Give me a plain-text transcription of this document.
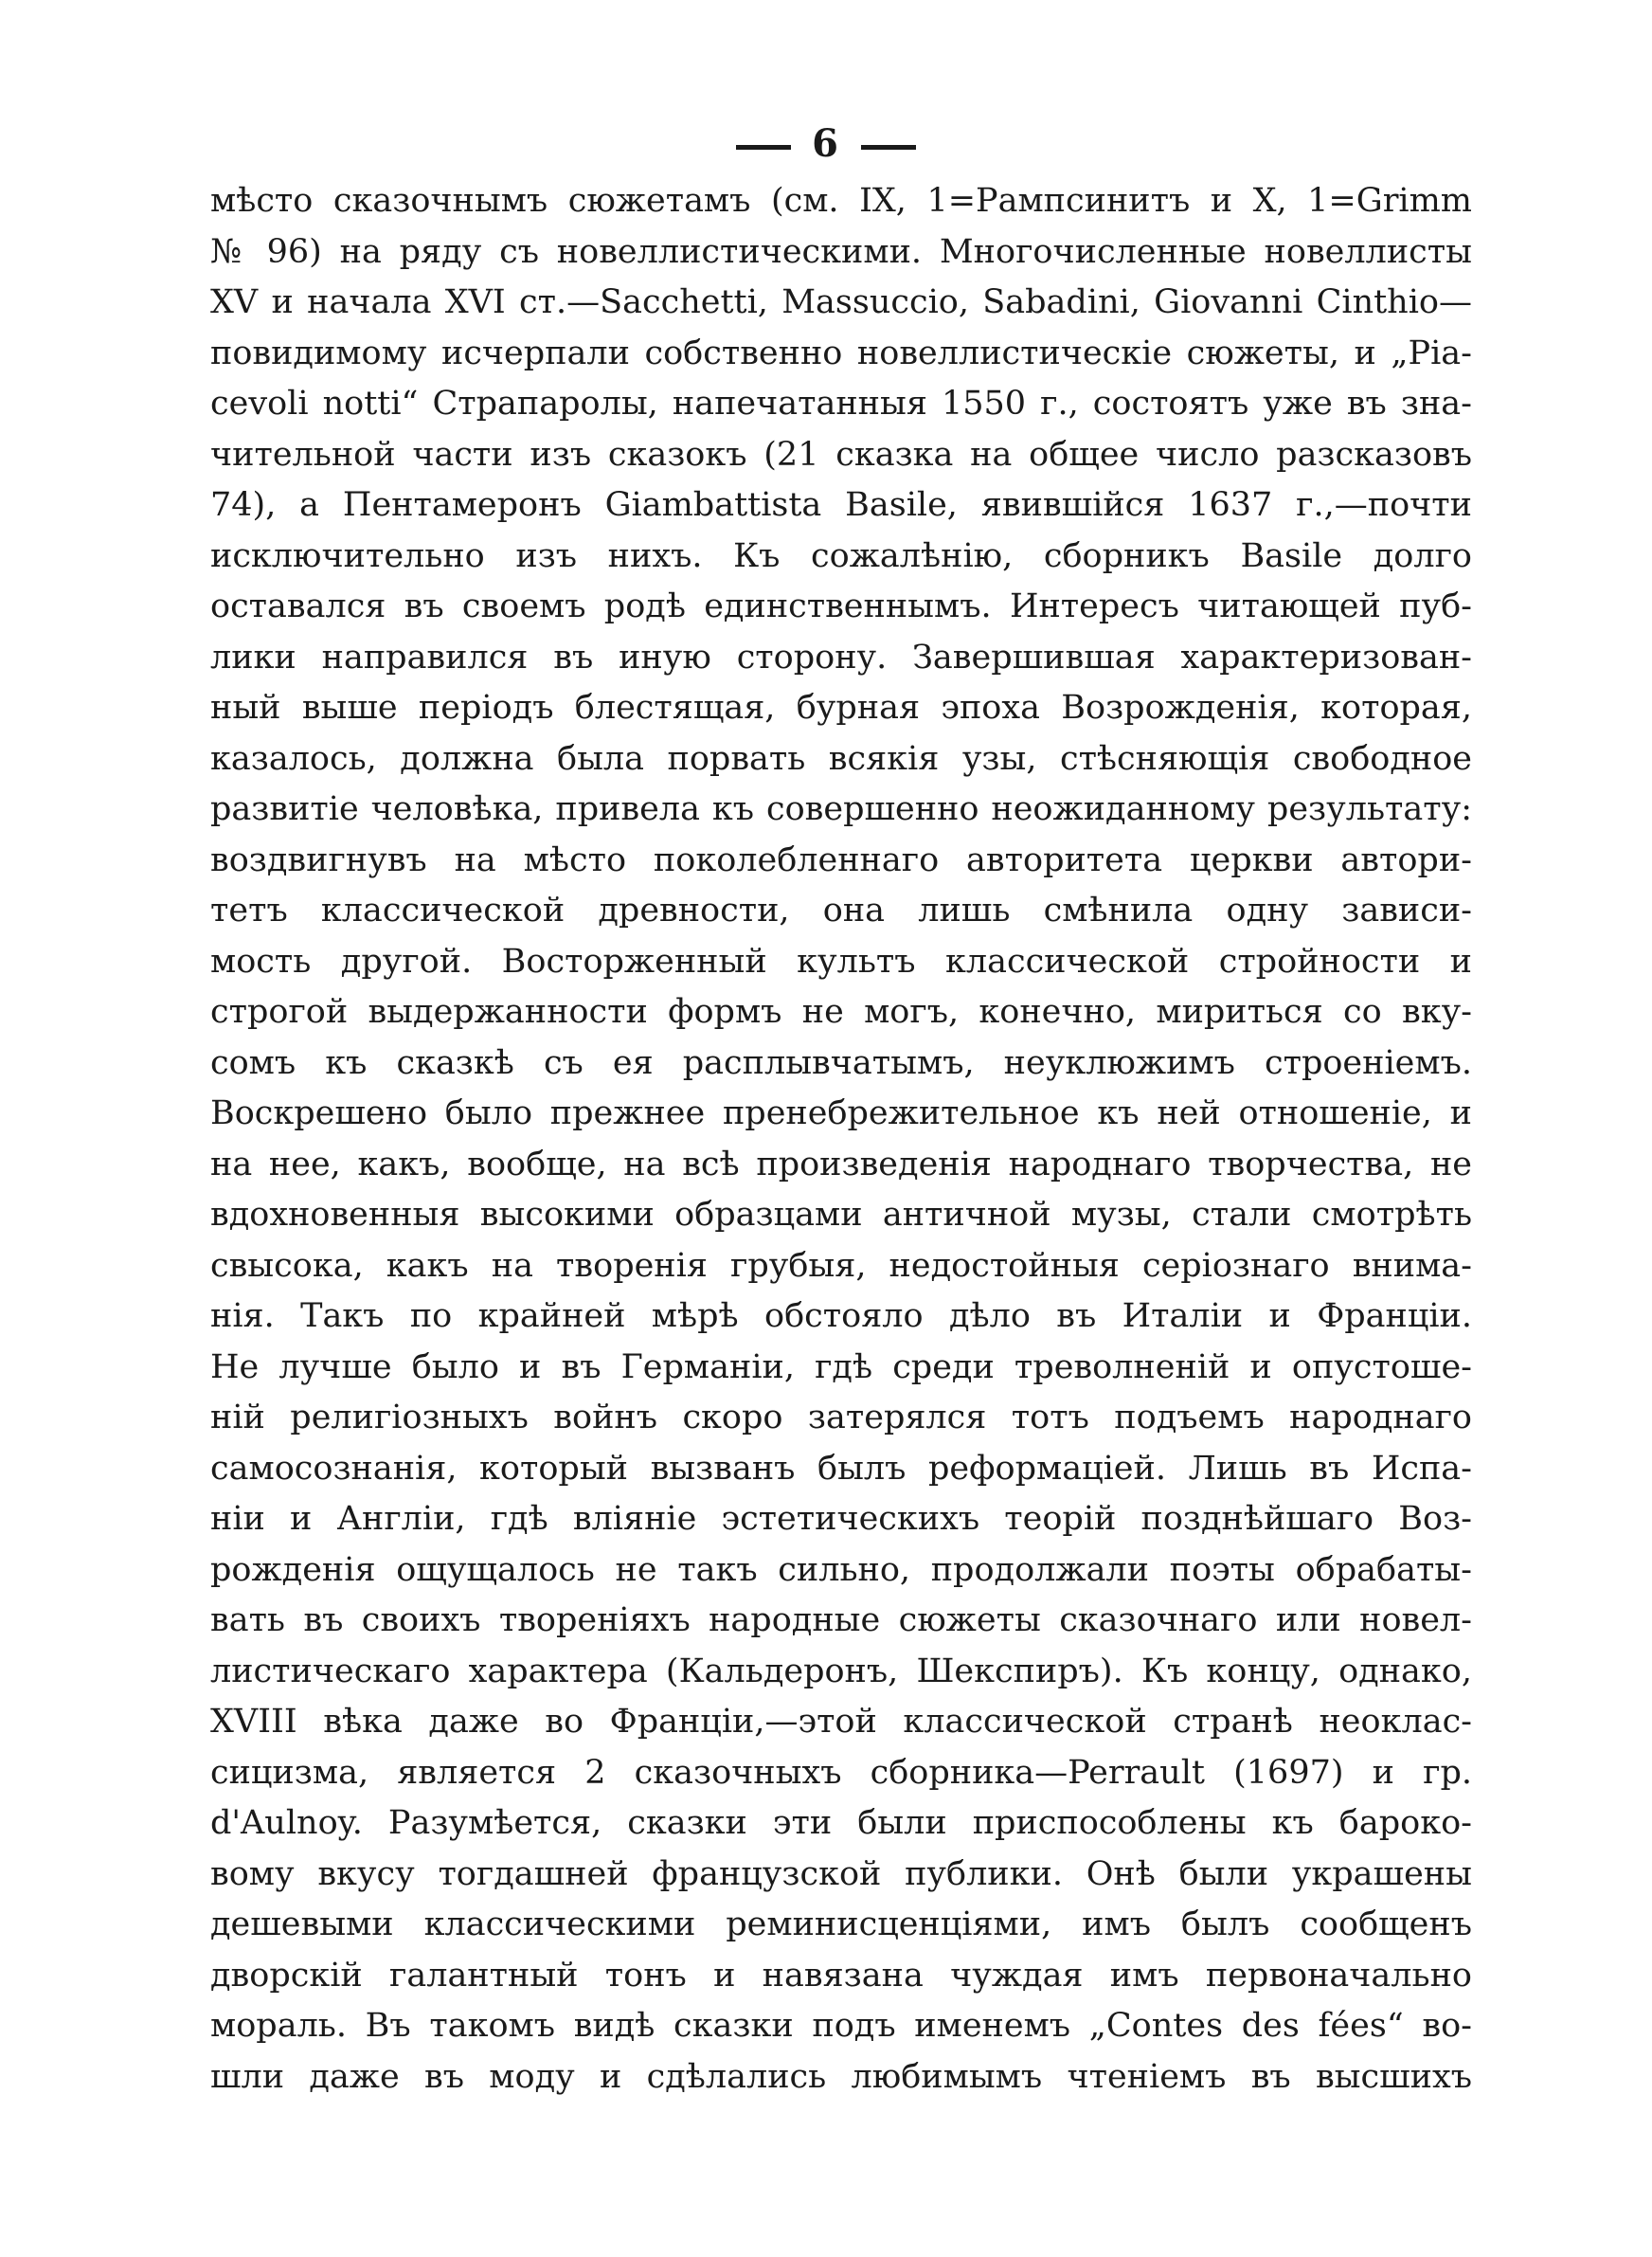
6
мѣсто сказочнымъ сюжетамъ (см. IX, 1=Рампсинитъ и X, 1=Grimm
№ 96) на ряду съ новеллистическими. Многочисленные новеллисты
XV и начала XVI ст.—Sacchetti, Massuccio, Sabadini, Giovanni Cinthio—
повидимому исчерпали собственно новеллистическіе сюжеты, и „Pia-
cevoli notti“ Страпаролы, напечатанныя 1550 г., состоятъ уже въ зна-
чительной части изъ сказокъ (21 сказка на общее число разсказовъ
74), а Пентамеронъ Giambattista Basile, явившійся 1637 г.,—почти
исключительно изъ нихъ. Къ сожалѣнію, сборникъ Basile долго
оставался въ своемъ родѣ единственнымъ. Интересъ читающей пуб-
лики направился въ иную сторону. Завершившая характеризован-
ный выше періодъ блестящая, бурная эпоха Возрожденія, которая,
казалось, должна была порвать всякія узы, стѣсняющія свободное
развитіе человѣка, привела къ совершенно неожиданному результату:
воздвигнувъ на мѣсто поколебленнаго авторитета церкви автори-
тетъ классической древности, она лишь смѣнила одну зависи-
мость другой. Восторженный культъ классической стройности и
строгой выдержанности формъ не могъ, конечно, мириться со вку-
сомъ къ сказкѣ съ ея расплывчатымъ, неуклюжимъ строеніемъ.
Воскрешено было прежнее пренебрежительное къ ней отношеніе, и
на нее, какъ, вообще, на всѣ произведенія народнаго творчества, не
вдохновенныя высокими образцами античной музы, стали смотрѣть
свысока, какъ на творенія грубыя, недостойныя серіознаго внима-
нія. Такъ по крайней мѣрѣ обстояло дѣло въ Италіи и Франціи.
Не лучше было и въ Германіи, гдѣ среди треволненій и опустоше-
ній религіозныхъ войнъ скоро затерялся тотъ подъемъ народнаго
самосознанія, который вызванъ былъ реформаціей. Лишь въ Испа-
ніи и Англіи, гдѣ вліяніе эстетическихъ теорій позднѣйшаго Воз-
рожденія ощущалось не такъ сильно, продолжали поэты обрабаты-
вать въ своихъ твореніяхъ народные сюжеты сказочнаго или новел-
листическаго характера (Кальдеронъ, Шекспиръ). Къ концу, однако,
XVIII вѣка даже во Франціи,—этой классической странѣ неоклас-
сицизма, является 2 сказочныхъ сборника—Perrault (1697) и гр.
d'Aulnoy. Разумѣется, сказки эти были приспособлены къ бароко-
вому вкусу тогдашней французской публики. Онѣ были украшены
дешевыми классическими реминисценціями, имъ былъ сообщенъ
дворскій галантный тонъ и навязана чуждая имъ первоначально
мораль. Въ такомъ видѣ сказки подъ именемъ „Contes des fées“ во-
шли даже въ моду и сдѣлались любимымъ чтеніемъ въ высшихъ
